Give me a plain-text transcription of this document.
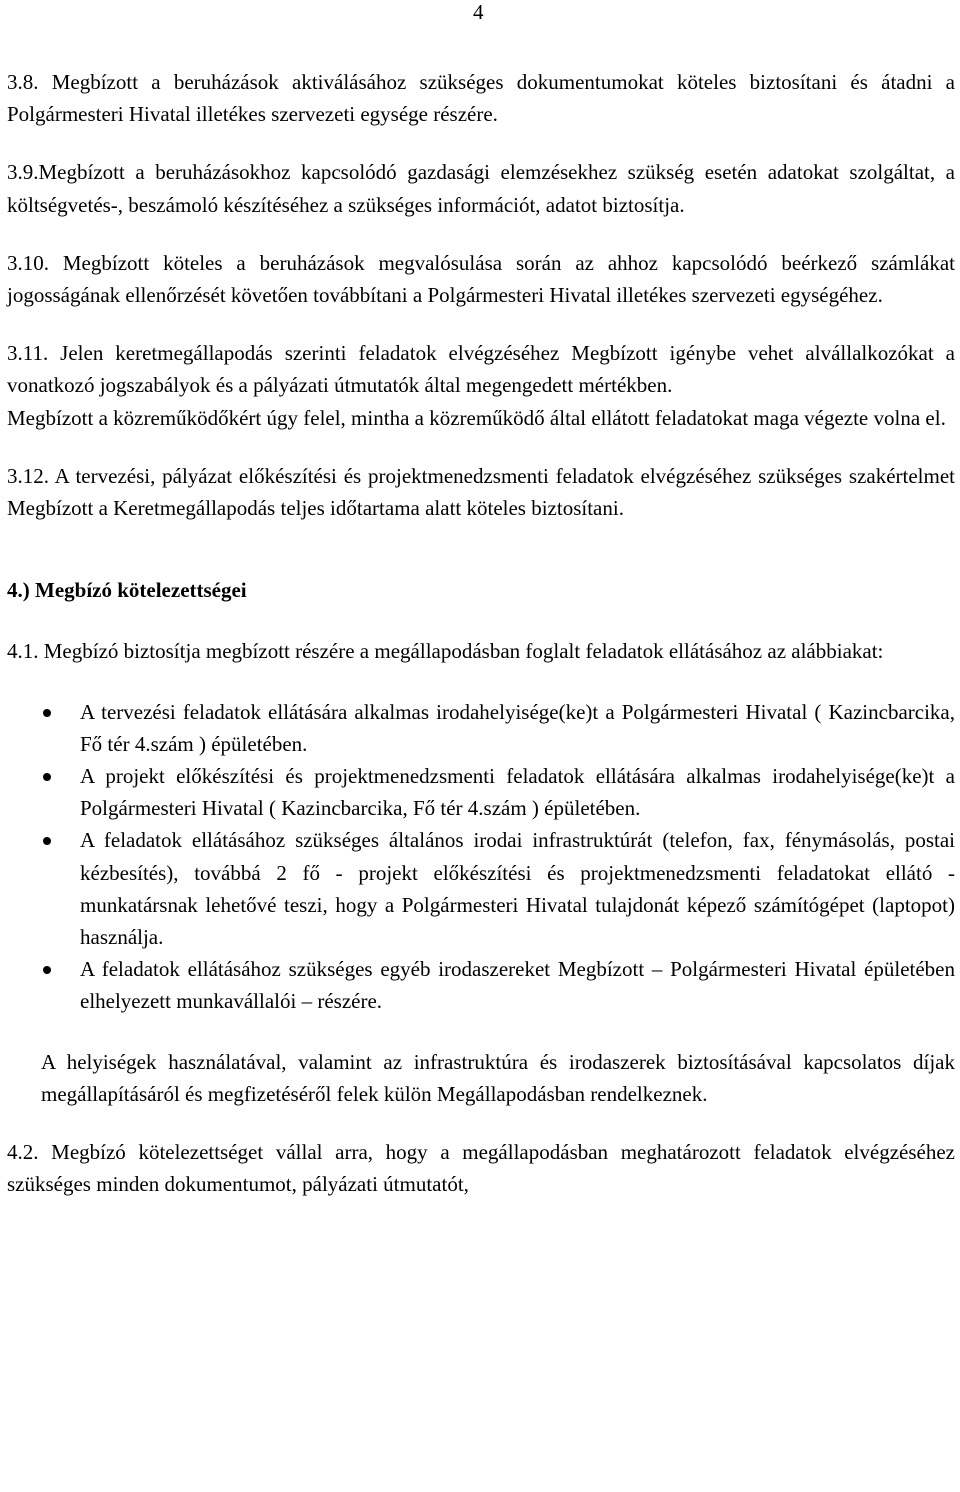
4

3.8. Megbízott a beruházások aktiválásához szükséges dokumentumokat köteles biztosítani és átadni a Polgármesteri Hivatal illetékes szervezeti egysége részére.

3.9.Megbízott a beruházásokhoz kapcsolódó gazdasági elemzésekhez szükség esetén adatokat szolgáltat, a költségvetés-, beszámoló készítéséhez a szükséges információt, adatot biztosítja.

3.10. Megbízott köteles a beruházások megvalósulása során az ahhoz kapcsolódó beérkező számlákat jogosságának ellenőrzését követően továbbítani a Polgármesteri Hivatal illetékes szervezeti egységéhez.

3.11. Jelen keretmegállapodás szerinti feladatok elvégzéséhez Megbízott igénybe vehet alvállalkozókat a vonatkozó jogszabályok és a pályázati útmutatók által megengedett mértékben.

Megbízott a közreműködőkért úgy felel, mintha a közreműködő által ellátott feladatokat maga végezte volna el.

3.12. A tervezési, pályázat előkészítési és projektmenedzsmenti feladatok elvégzéséhez szükséges szakértelmet Megbízott a Keretmegállapodás teljes időtartama alatt köteles biztosítani.

4.) Megbízó kötelezettségei

4.1. Megbízó biztosítja megbízott részére a megállapodásban foglalt feladatok ellátásához az alábbiakat:

A tervezési feladatok ellátására alkalmas irodahelyisége(ke)t a Polgármesteri Hivatal ( Kazincbarcika, Fő tér 4.szám ) épületében.
A projekt előkészítési és projektmenedzsmenti feladatok ellátására alkalmas irodahelyisége(ke)t a Polgármesteri Hivatal ( Kazincbarcika, Fő tér 4.szám ) épületében.
A feladatok ellátásához szükséges általános irodai infrastruktúrát (telefon, fax, fénymásolás, postai kézbesítés), továbbá 2 fő - projekt előkészítési és projektmenedzsmenti feladatokat ellátó - munkatársnak lehetővé teszi, hogy a Polgármesteri Hivatal tulajdonát képező számítógépet (laptopot) használja.
A feladatok ellátásához szükséges egyéb irodaszereket Megbízott – Polgármesteri Hivatal épületében elhelyezett munkavállalói – részére.

A helyiségek használatával, valamint az infrastruktúra és irodaszerek biztosításával kapcsolatos díjak megállapításáról és megfizetéséről felek külön Megállapodásban rendelkeznek.

4.2. Megbízó kötelezettséget vállal arra, hogy a megállapodásban meghatározott feladatok elvégzéséhez szükséges minden dokumentumot, pályázati útmutatót,
